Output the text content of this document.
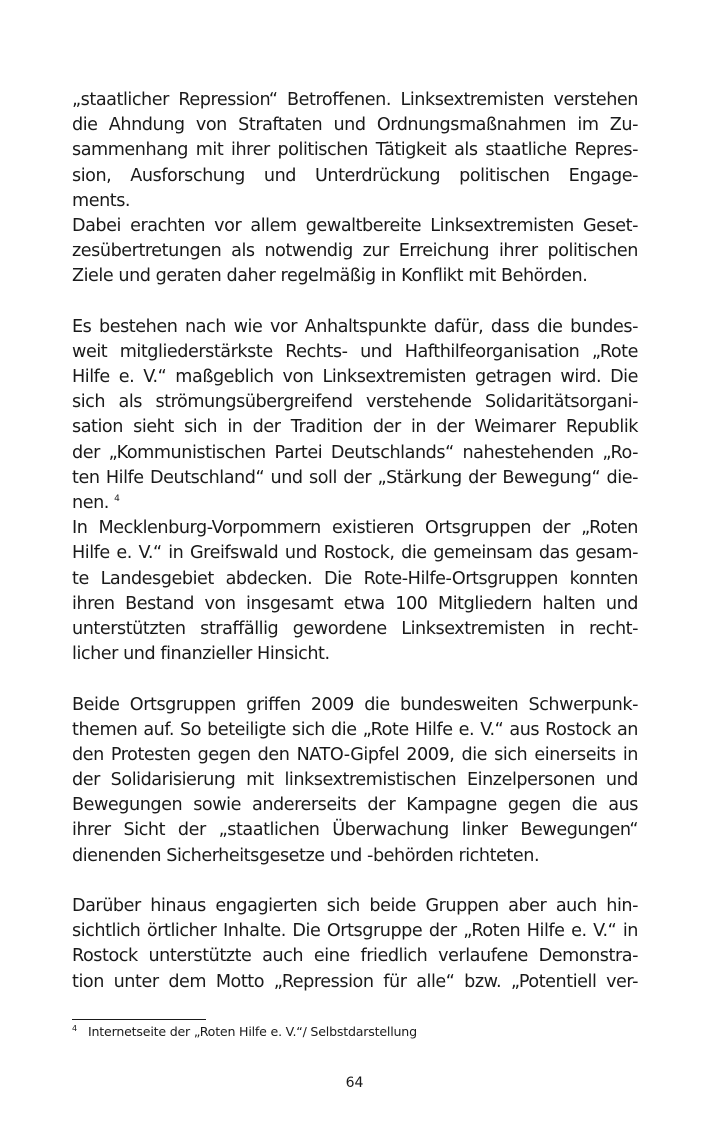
„staatlicher Repression“ Betroffenen. Linksextremisten verstehen
die Ahndung von Straftaten und Ordnungsmaßnahmen im Zu-
sammenhang mit ihrer politischen Tätigkeit als staatliche Repres-
sion, Ausforschung und Unterdrückung politischen Engage-
ments.
Dabei erachten vor allem gewaltbereite Linksextremisten Geset-
zesübertretungen als notwendig zur Erreichung ihrer politischen
Ziele und geraten daher regelmäßig in Konflikt mit Behörden.
Es bestehen nach wie vor Anhaltspunkte dafür, dass die bundes-
weit mitgliederstärkste Rechts- und Hafthilfeorganisation „Rote
Hilfe e. V.“ maßgeblich von Linksextremisten getragen wird. Die
sich als strömungsübergreifend verstehende Solidaritätsorgani-
sation sieht sich in der Tradition der in der Weimarer Republik
der „Kommunistischen Partei Deutschlands“ nahestehenden „Ro-
ten Hilfe Deutschland“ und soll der „Stärkung der Bewegung“ die-
nen. $^4$
In Mecklenburg-Vorpommern existieren Ortsgruppen der „Roten
Hilfe e. V.“ in Greifswald und Rostock, die gemeinsam das gesam-
te Landesgebiet abdecken. Die Rote-Hilfe-Ortsgruppen konnten
ihren Bestand von insgesamt etwa 100 Mitgliedern halten und
unterstützten straffällig gewordene Linksextremisten in recht-
licher und finanzieller Hinsicht.
Beide Ortsgruppen griffen 2009 die bundesweiten Schwerpunk-
themen auf. So beteiligte sich die „Rote Hilfe e. V.“ aus Rostock an
den Protesten gegen den NATO-Gipfel 2009, die sich einerseits in
der Solidarisierung mit linksextremistischen Einzelpersonen und
Bewegungen sowie andererseits der Kampagne gegen die aus
ihrer Sicht der „staatlichen Überwachung linker Bewegungen“
dienenden Sicherheitsgesetze und -behörden richteten.
Darüber hinaus engagierten sich beide Gruppen aber auch hin-
sichtlich örtlicher Inhalte. Die Ortsgruppe der „Roten Hilfe e. V.“ in
Rostock unterstützte auch eine friedlich verlaufene Demonstra-
tion unter dem Motto „Repression für alle“ bzw. „Potentiell ver-
4 Internetseite der „Roten Hilfe e. V.“/ Selbstdarstellung
64
